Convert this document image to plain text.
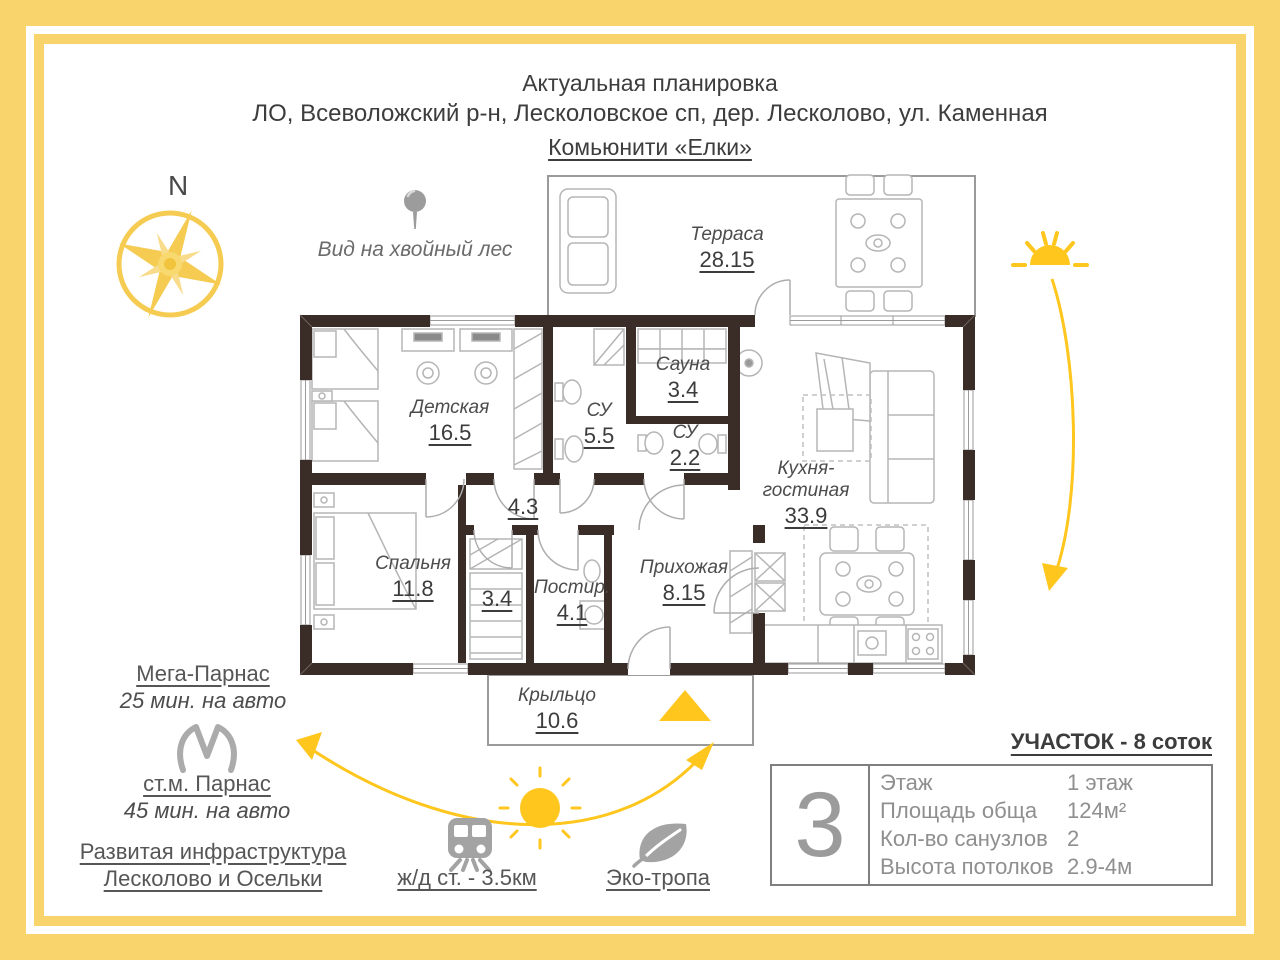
Актуальная планировка
ЛО, Всеволожский р-н, Лесколовское сп, дер. Лесколово, ул. Каменная
Комьюнити «Елки»
N
Вид на хвойный лес
Терраса
28.15
Детская
16.5
СУ
5.5
Сауна
3.4
СУ
2.2	Кухня-гостиная
33.9
4.3
Спальня
11.8	3.4 Постир.
4.1
Прихожая
8.15
Крыльцо
10.6
Мега-Парнас
25 мин. на авто
ст.м. Парнас
45 мин. на авто
Развитая инфраструктура
Лесколово и Осельки	ж/д ст. - 3.5км	Эко-тропа
УЧАСТОК - 8 соток
3	Этаж	1 этаж
Площадь обща	124м²
Кол-во санузлов 2
Высота потолков 2.9-4м
